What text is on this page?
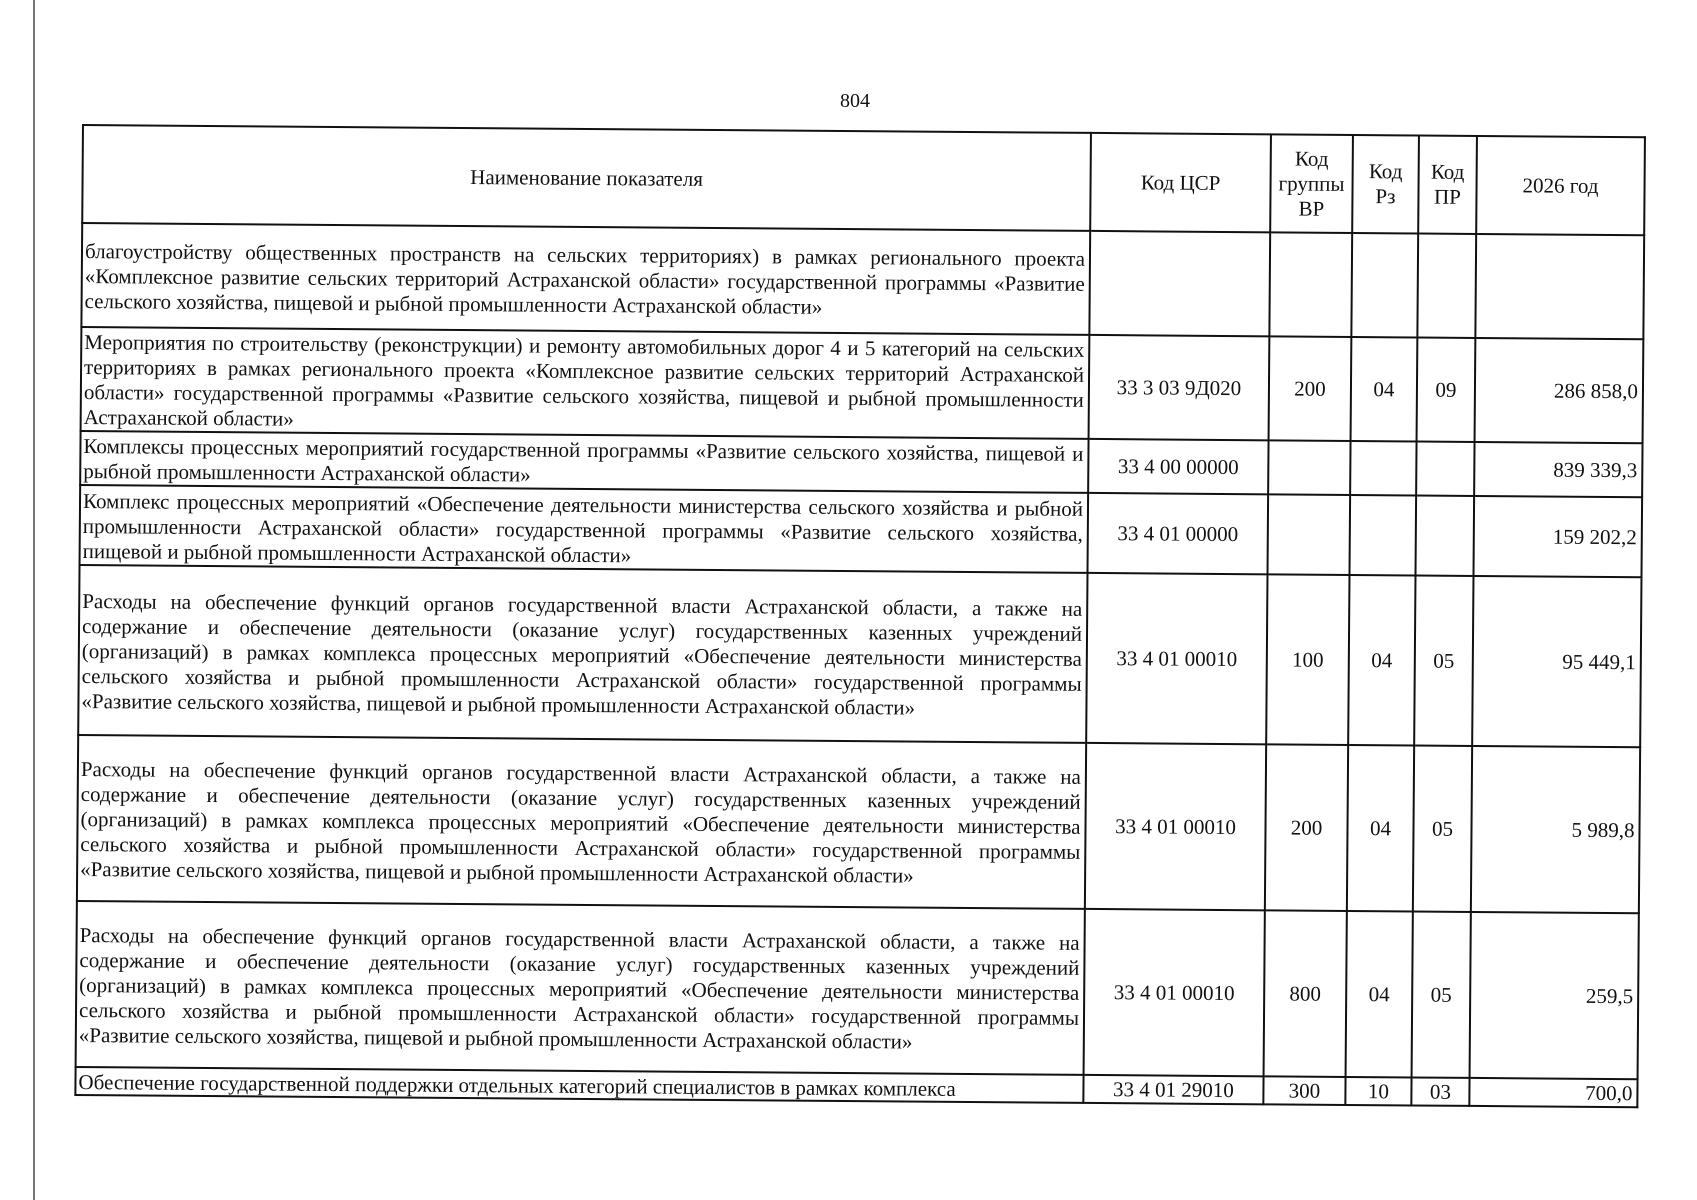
804
Наименование показателя	Код ЦСР	Код группы ВР	Код Рз	Код ПР	2026 год
благоустройству общественных пространств на сельских территориях) в рамках регионального проекта «Комплексное развитие сельских территорий Астраханской области» государственной программы «Развитие сельского хозяйства, пищевой и рыбной промышленности Астраханской области»					
Мероприятия по строительству (реконструкции) и ремонту автомобильных дорог 4 и 5 категорий на сельских территориях в рамках регионального проекта «Комплексное развитие сельских территорий Астраханской области» государственной программы «Развитие сельского хозяйства, пищевой и рыбной промышленности Астраханской области»	33 3 03 9Д020	200	04	09	286 858,0
Комплексы процессных мероприятий государственной программы «Развитие сельского хозяйства, пищевой и рыбной промышленности Астраханской области»	33 4 00 00000				839 339,3
Комплекс процессных мероприятий «Обеспечение деятельности министерства сельского хозяйства и рыбной промышленности Астраханской области» государственной программы «Развитие сельского хозяйства, пищевой и рыбной промышленности Астраханской области»	33 4 01 00000				159 202,2
Расходы на обеспечение функций органов государственной власти Астраханской области, а также на содержание и обеспечение деятельности (оказание услуг) государственных казенных учреждений (организаций) в рамках комплекса процессных мероприятий «Обеспечение деятельности министерства сельского хозяйства и рыбной промышленности Астраханской области» государственной программы «Развитие сельского хозяйства, пищевой и рыбной промышленности Астраханской области»	33 4 01 00010	100	04	05	95 449,1
Расходы на обеспечение функций органов государственной власти Астраханской области, а также на содержание и обеспечение деятельности (оказание услуг) государственных казенных учреждений (организаций) в рамках комплекса процессных мероприятий «Обеспечение деятельности министерства сельского хозяйства и рыбной промышленности Астраханской области» государственной программы «Развитие сельского хозяйства, пищевой и рыбной промышленности Астраханской области»	33 4 01 00010	200	04	05	5 989,8
Расходы на обеспечение функций органов государственной власти Астраханской области, а также на содержание и обеспечение деятельности (оказание услуг) государственных казенных учреждений (организаций) в рамках комплекса процессных мероприятий «Обеспечение деятельности министерства сельского хозяйства и рыбной промышленности Астраханской области» государственной программы «Развитие сельского хозяйства, пищевой и рыбной промышленности Астраханской области»	33 4 01 00010	800	04	05	259,5
Обеспечение государственной поддержки отдельных категорий специалистов в рамках комплекса	33 4 01 29010	300	10	03	700,0
